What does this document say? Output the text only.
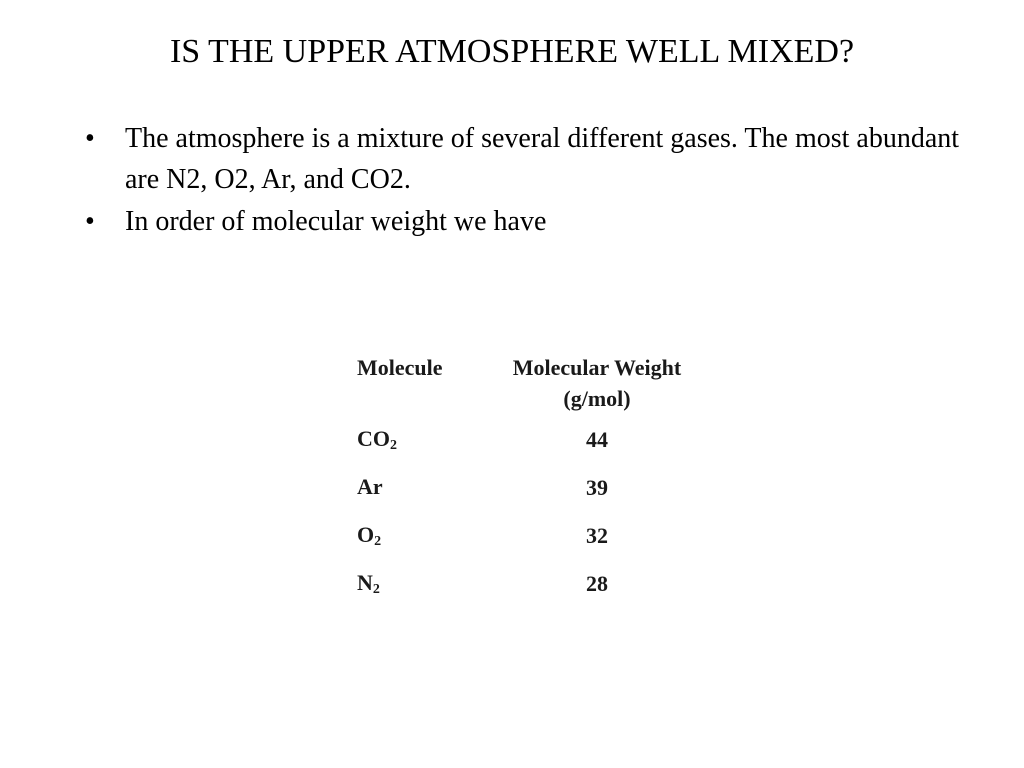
IS THE UPPER ATMOSPHERE WELL MIXED?
• The atmosphere is a mixture of several different gases. The most abundant are N2, O2, Ar, and CO2.
• In order of molecular weight we have
Molecule	Molecular Weight
(g/mol)
$CO_2$	44
Ar	39
$O_2$	32
$N_2$	28
